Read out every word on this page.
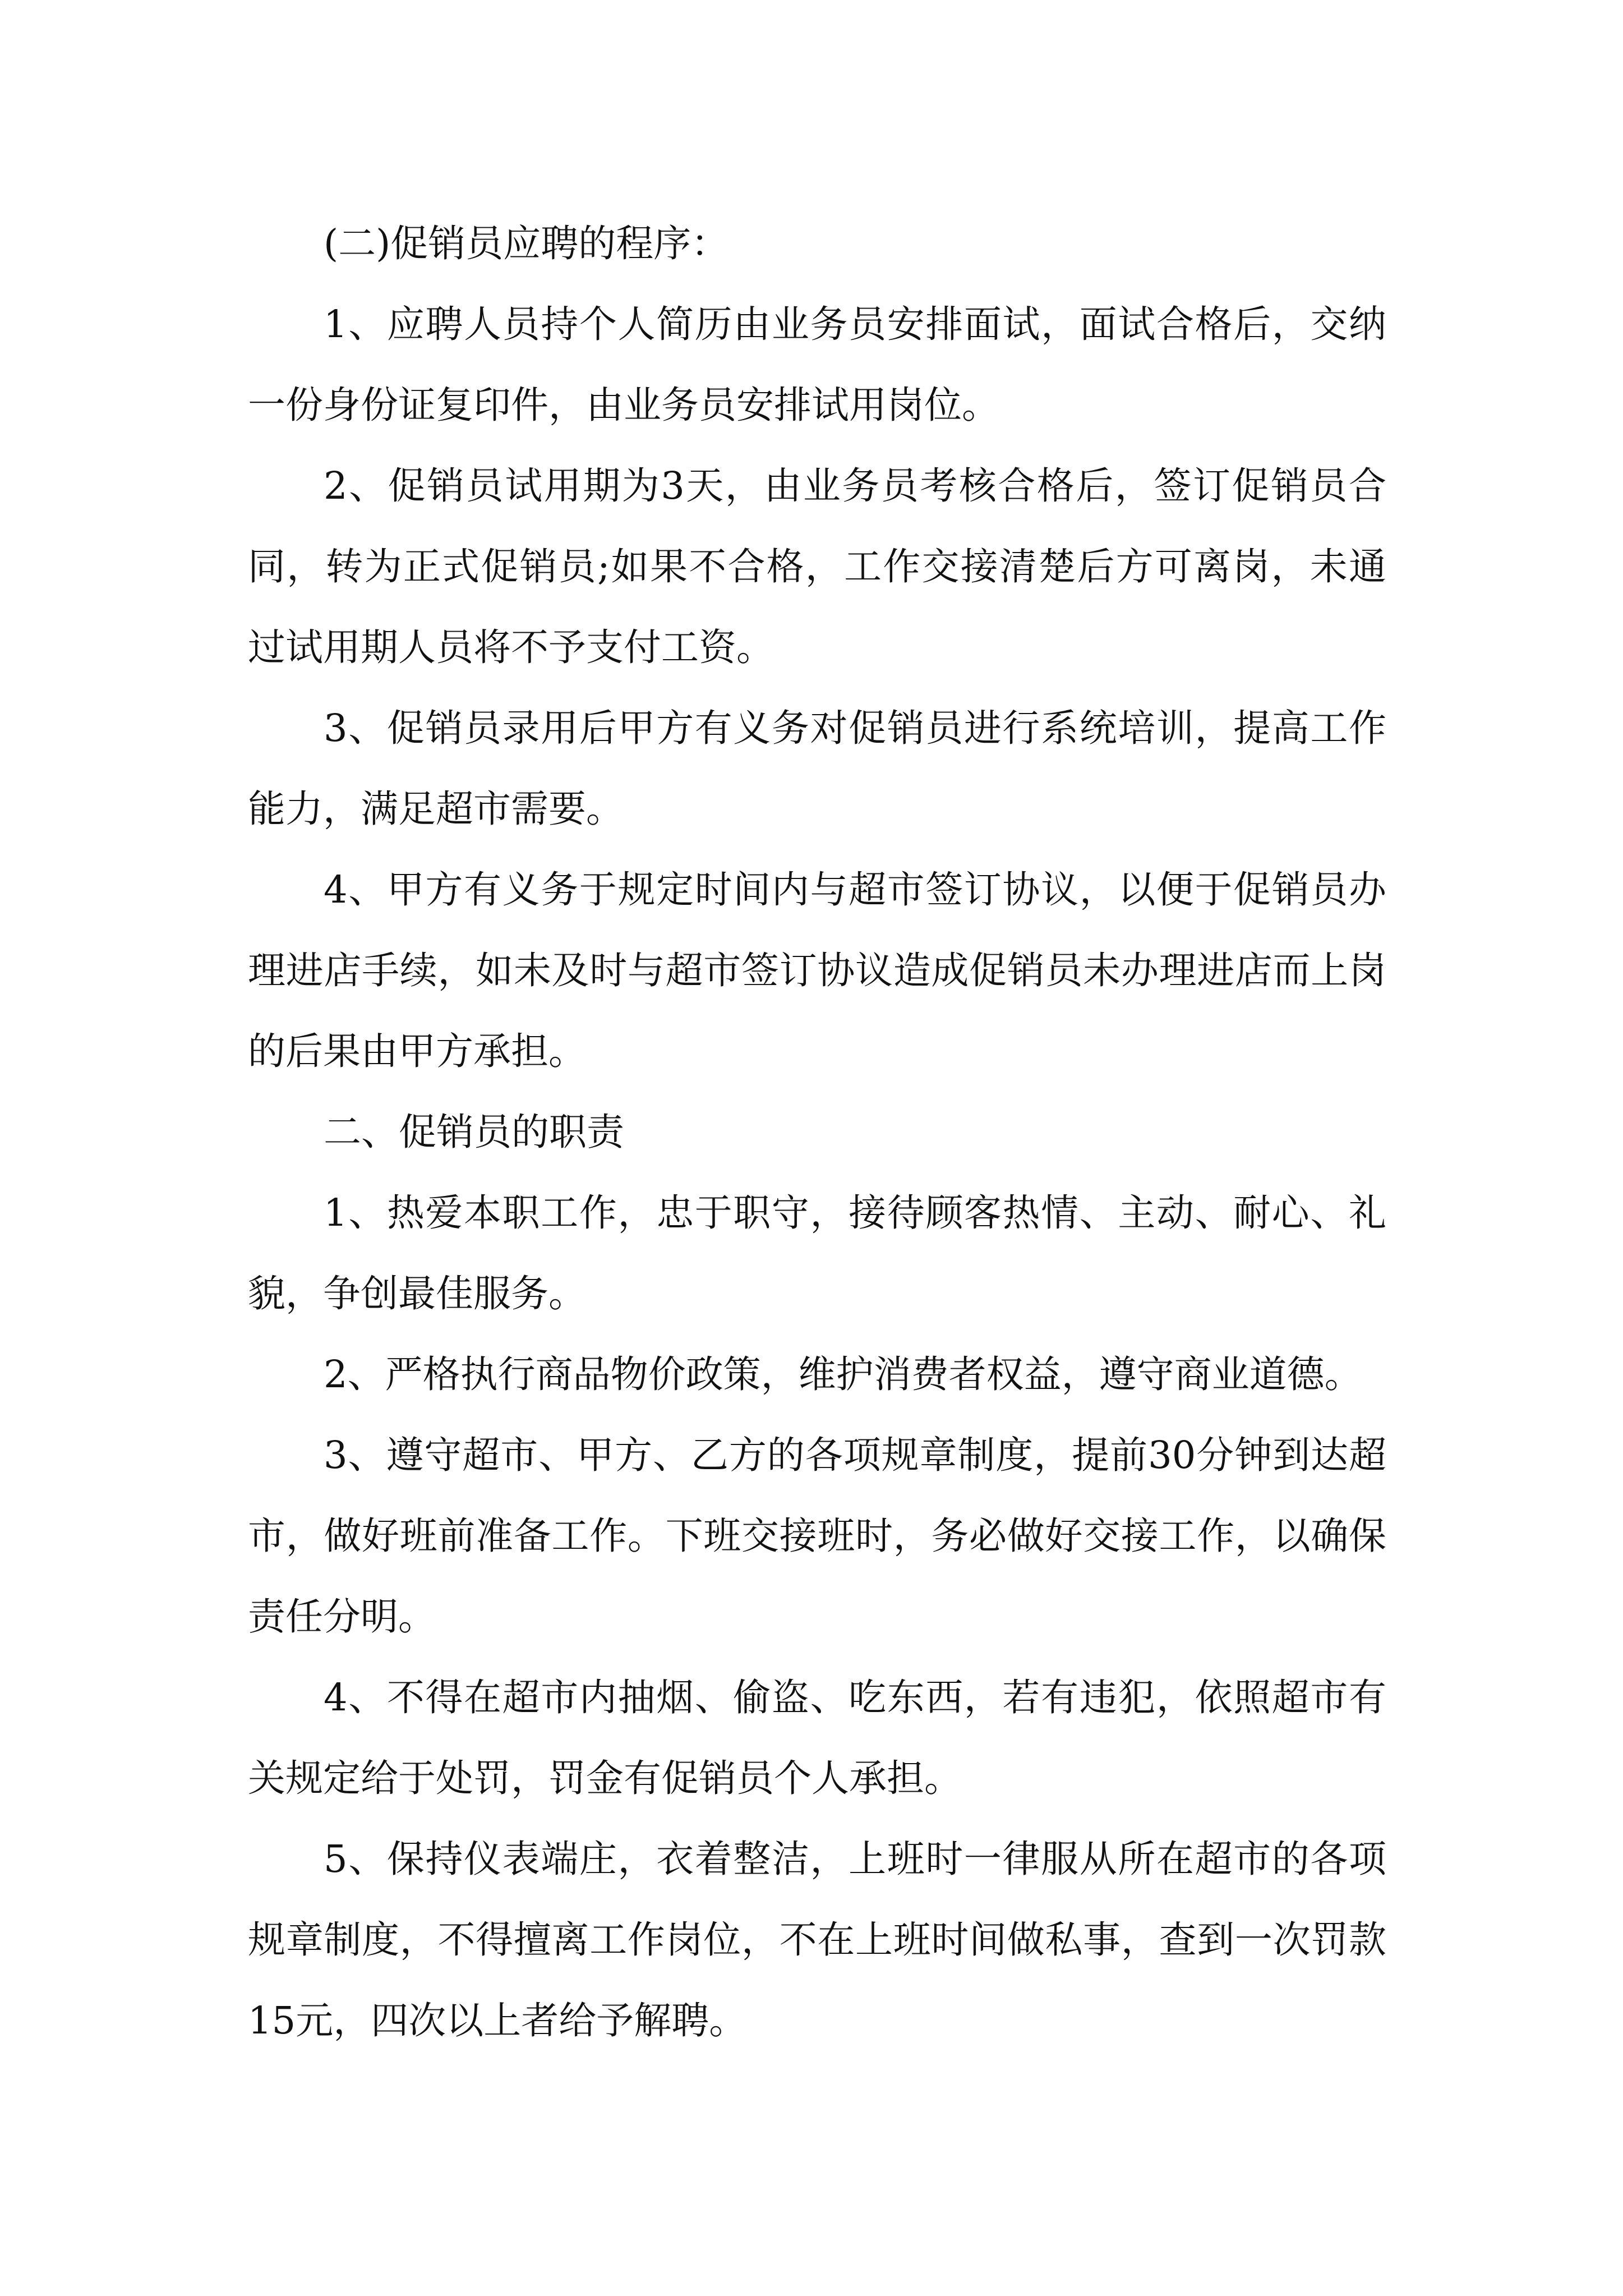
(二)促销员应聘的程序：

1、应聘人员持个人简历由业务员安排面试，面试合格后，交纳一份身份证复印件，由业务员安排试用岗位。

2、促销员试用期为3天，由业务员考核合格后，签订促销员合同，转为正式促销员;如果不合格，工作交接清楚后方可离岗，未通过试用期人员将不予支付工资。

3、促销员录用后甲方有义务对促销员进行系统培训，提高工作能力，满足超市需要。

4、甲方有义务于规定时间内与超市签订协议，以便于促销员办理进店手续，如未及时与超市签订协议造成促销员未办理进店而上岗的后果由甲方承担。

二、促销员的职责

1、热爱本职工作，忠于职守，接待顾客热情、主动、耐心、礼貌，争创最佳服务。

2、严格执行商品物价政策，维护消费者权益，遵守商业道德。

3、遵守超市、甲方、乙方的各项规章制度，提前30分钟到达超市，做好班前准备工作。下班交接班时，务必做好交接工作，以确保责任分明。

4、不得在超市内抽烟、偷盗、吃东西，若有违犯，依照超市有关规定给于处罚，罚金有促销员个人承担。

5、保持仪表端庄，衣着整洁，上班时一律服从所在超市的各项规章制度，不得擅离工作岗位，不在上班时间做私事，查到一次罚款15元，四次以上者给予解聘。
